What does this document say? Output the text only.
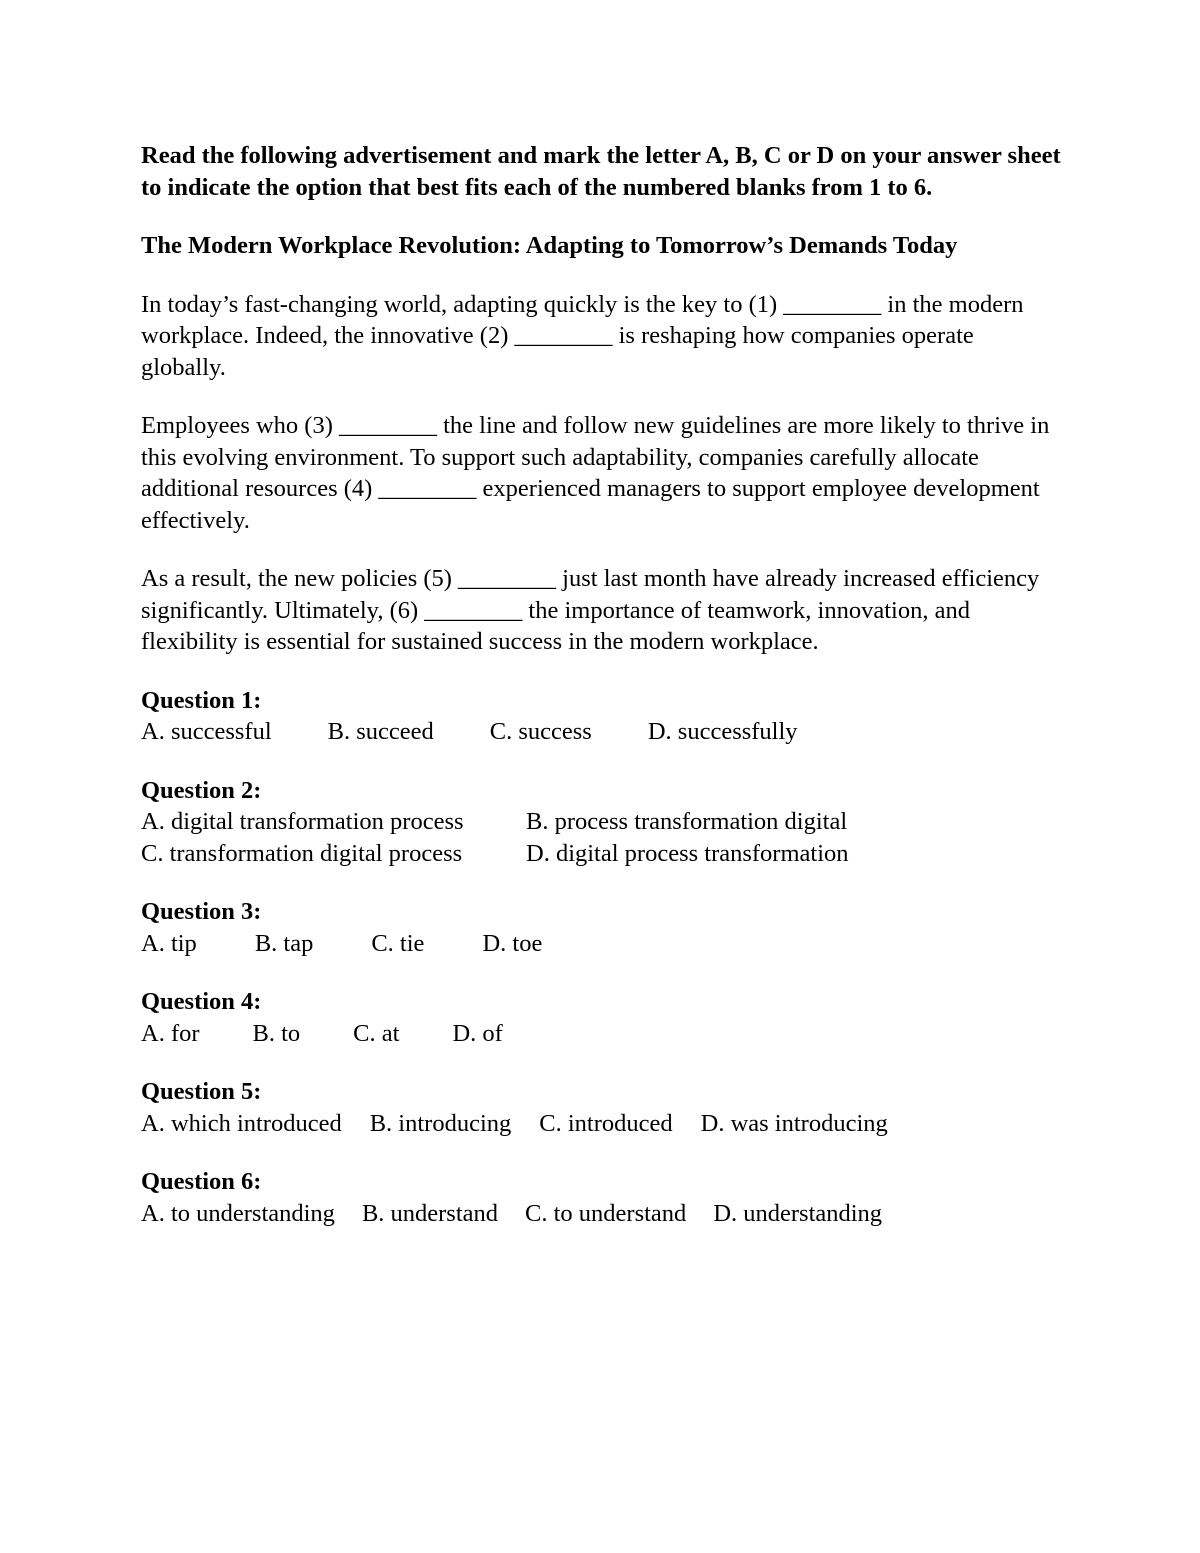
Read the following advertisement and mark the letter A, B, C or D on your answer sheet to indicate the option that best fits each of the numbered blanks from 1 to 6.
The Modern Workplace Revolution: Adapting to Tomorrow’s Demands Today
In today’s fast-changing world, adapting quickly is the key to (1) ________ in the modern workplace. Indeed, the innovative (2) ________ is reshaping how companies operate globally.
Employees who (3) ________ the line and follow new guidelines are more likely to thrive in this evolving environment. To support such adaptability, companies carefully allocate additional resources (4) ________ experienced managers to support employee development effectively.
As a result, the new policies (5) ________ just last month have already increased efficiency significantly. Ultimately, (6) ________ the importance of teamwork, innovation, and flexibility is essential for sustained success in the modern workplace.
Question 1:
A. successful B. succeed C. success D. successfully
Question 2:
A. digital transformation process	B. process transformation digital
C. transformation digital process	D. digital process transformation
Question 3:
A. tip B. tap C. tie D. toe
Question 4:
A. for B. to C. at D. of
Question 5:
A. which introduced B. introducing C. introduced D. was introducing
Question 6:
A. to understanding B. understand C. to understand D. understanding
